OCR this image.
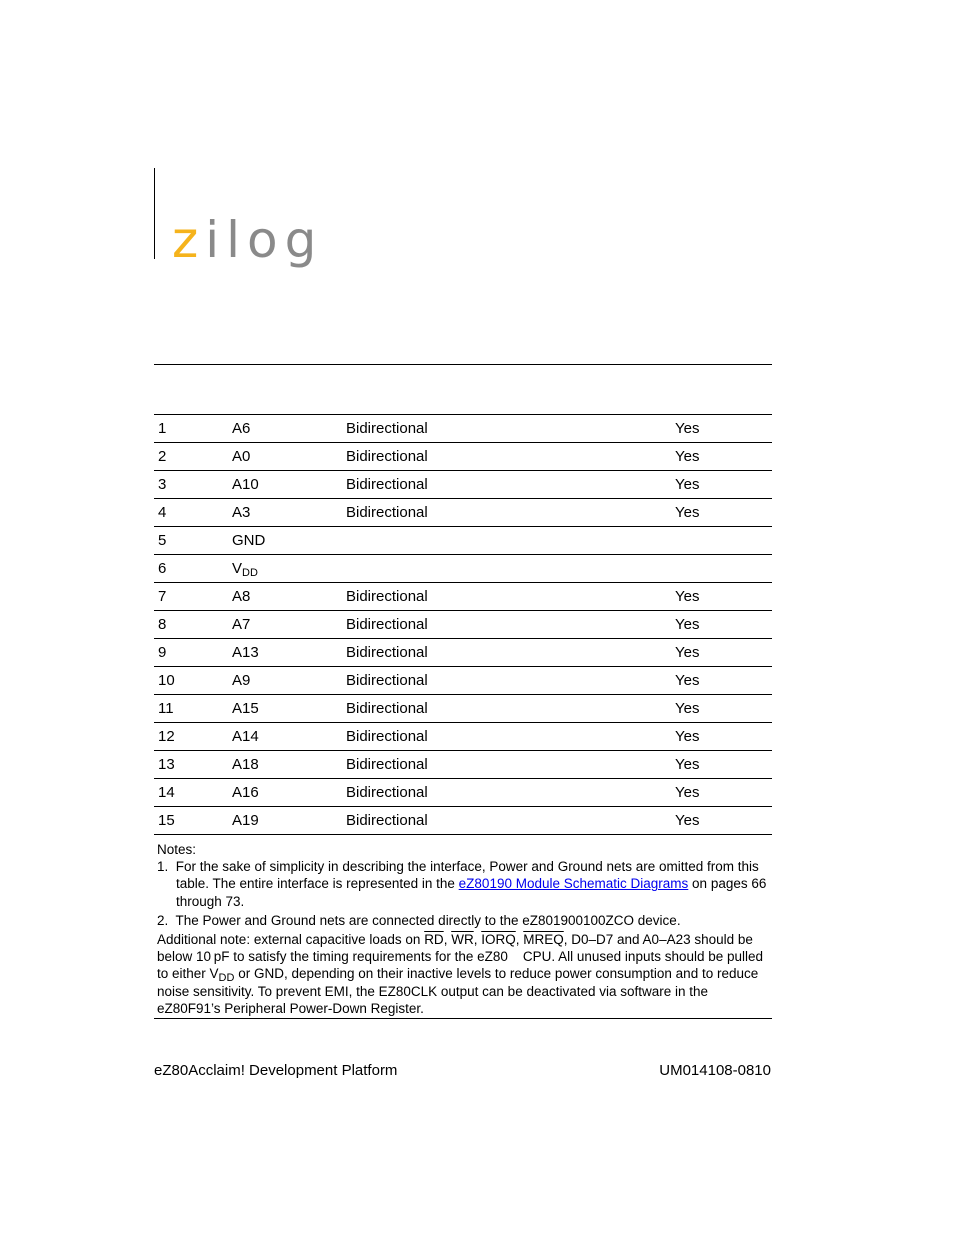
zilog
1	A6	Bidirectional	Yes
2	A0	Bidirectional	Yes
3	A10	Bidirectional	Yes
4	A3	Bidirectional	Yes
5	GND		
6	$V_{DD}$		
7	A8	Bidirectional	Yes
8	A7	Bidirectional	Yes
9	A13	Bidirectional	Yes
10	A9	Bidirectional	Yes
11	A15	Bidirectional	Yes
12	A14	Bidirectional	Yes
13	A18	Bidirectional	Yes
14	A16	Bidirectional	Yes
15	A19	Bidirectional	Yes

Notes:

1.  For the sake of simplicity in describing the interface, Power and Ground nets are omitted from this table. The entire interface is represented in the eZ80190 Module Schematic Diagrams on pages 66 through 73.

2.  The Power and Ground nets are connected directly to the eZ801900100ZCO device.

Additional note: external capacitive loads on $\overline{RD}$, $\overline{WR}$, IORQ, MREQ, D0–D7 and A0–A23 should be below 10 pF to satisfy the timing requirements for the eZ80    CPU. All unused inputs should be pulled to either $V_{DD}$ or GND, depending on their inactive levels to reduce power consumption and to reduce noise sensitivity. To prevent EMI, the EZ80CLK output can be deactivated via software in the eZ80F91’s Peripheral Power-Down Register.

eZ80Acclaim! Development Platform	UM014108-0810
